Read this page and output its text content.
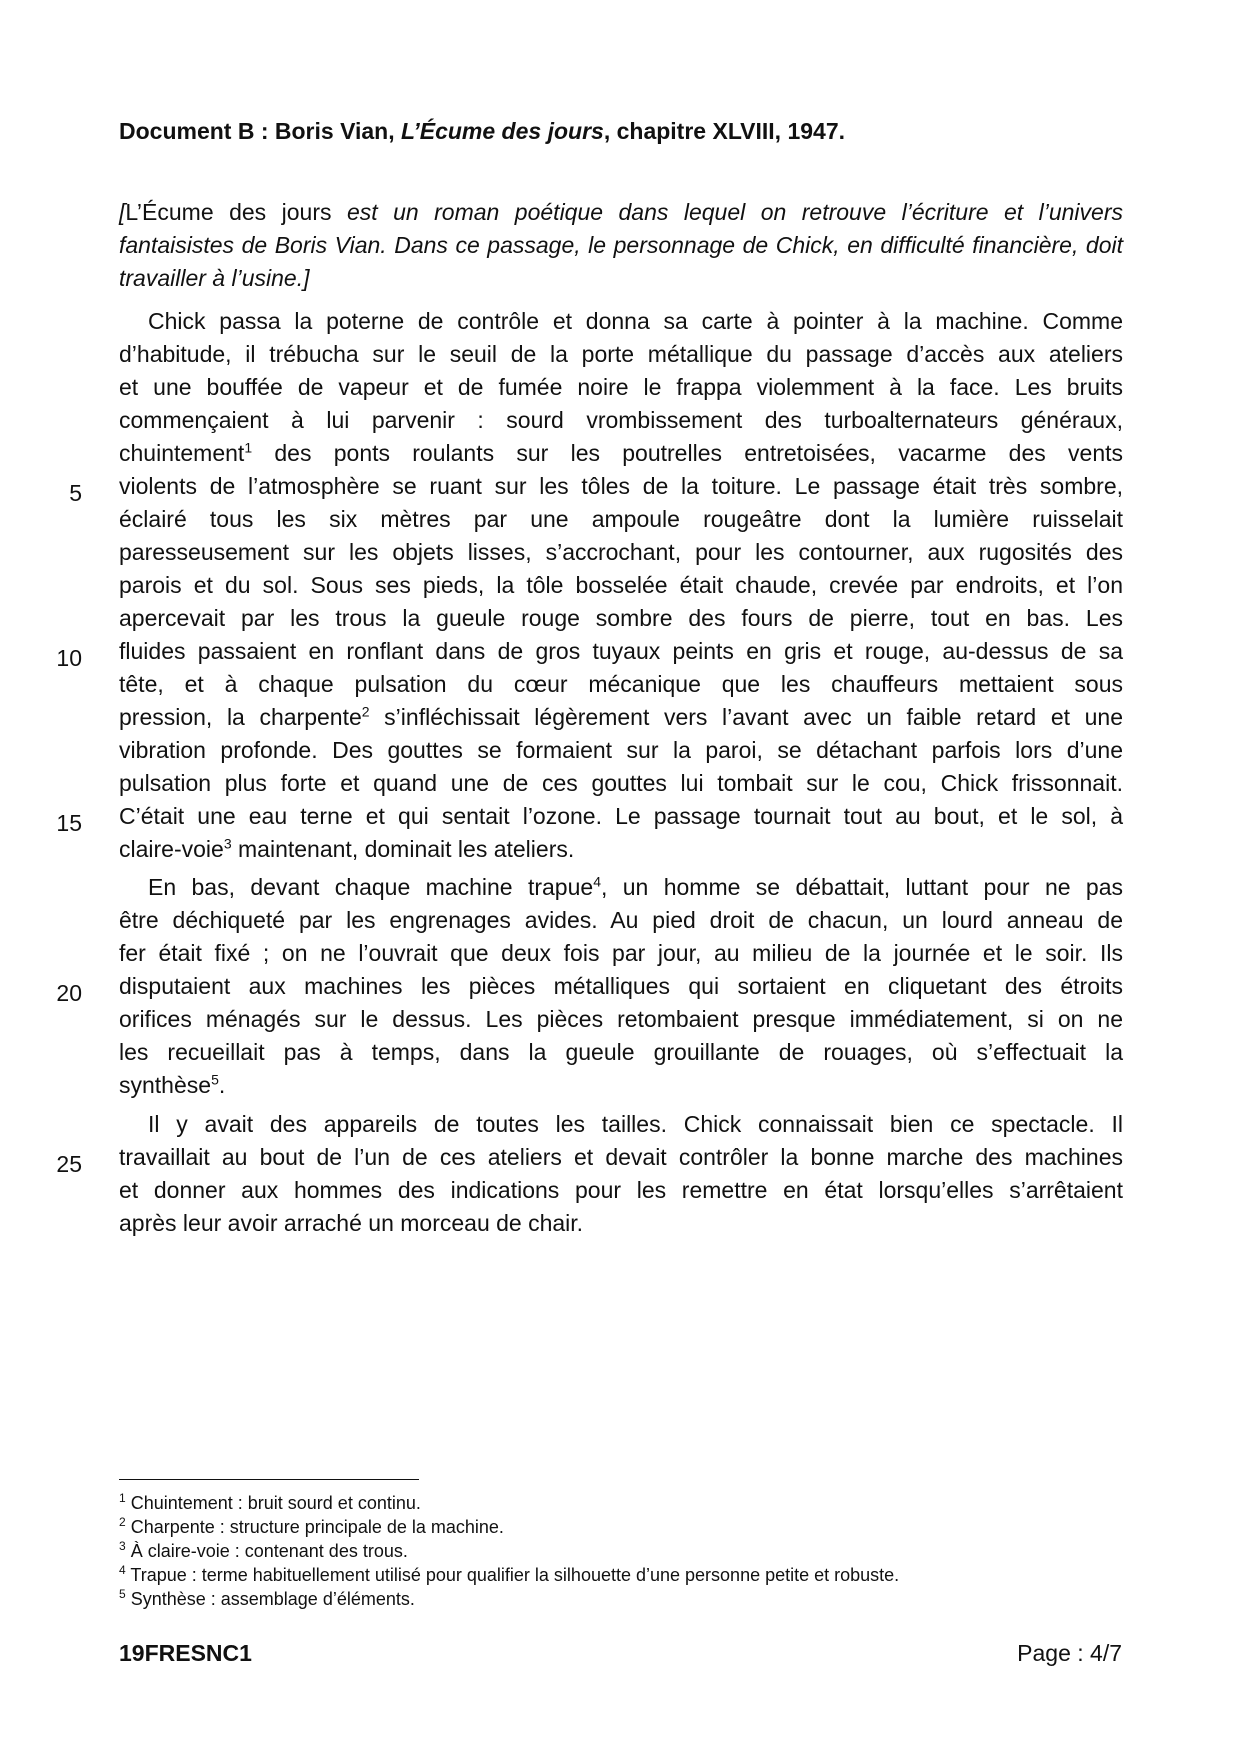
Document B : Boris Vian, L’Écume des jours, chapitre XLVIII, 1947.
[L’Écume des jours est un roman poétique dans lequel on retrouve l’écriture et l’univers fantaisistes de Boris Vian. Dans ce passage, le personnage de Chick, en difficulté financière, doit travailler à l’usine.]
Chick passa la poterne de contrôle et donna sa carte à pointer à la machine. Comme
d’habitude, il trébucha sur le seuil de la porte métallique du passage d’accès aux ateliers
et une bouffée de vapeur et de fumée noire le frappa violemment à la face. Les bruits
commençaient à lui parvenir : sourd vrombissement des turboalternateurs généraux,
chuintement$^1$ des ponts roulants sur les poutrelles entretoisées, vacarme des vents
violents de l’atmosphère se ruant sur les tôles de la toiture. Le passage était très sombre,
éclairé tous les six mètres par une ampoule rougeâtre dont la lumière ruisselait
paresseusement sur les objets lisses, s’accrochant, pour les contourner, aux rugosités des
parois et du sol. Sous ses pieds, la tôle bosselée était chaude, crevée par endroits, et l’on
apercevait par les trous la gueule rouge sombre des fours de pierre, tout en bas. Les
fluides passaient en ronflant dans de gros tuyaux peints en gris et rouge, au-dessus de sa
tête, et à chaque pulsation du cœur mécanique que les chauffeurs mettaient sous
pression, la charpente$^2$ s’infléchissait légèrement vers l’avant avec un faible retard et une
vibration profonde. Des gouttes se formaient sur la paroi, se détachant parfois lors d’une
pulsation plus forte et quand une de ces gouttes lui tombait sur le cou, Chick frissonnait.
C’était une eau terne et qui sentait l’ozone. Le passage tournait tout au bout, et le sol, à
claire-voie$^3$ maintenant, dominait les ateliers.
En bas, devant chaque machine trapue$^4$, un homme se débattait, luttant pour ne pas
être déchiqueté par les engrenages avides. Au pied droit de chacun, un lourd anneau de
fer était fixé ; on ne l’ouvrait que deux fois par jour, au milieu de la journée et le soir. Ils
disputaient aux machines les pièces métalliques qui sortaient en cliquetant des étroits
orifices ménagés sur le dessus. Les pièces retombaient presque immédiatement, si on ne
les recueillait pas à temps, dans la gueule grouillante de rouages, où s’effectuait la
synthèse$^5$.
Il y avait des appareils de toutes les tailles. Chick connaissait bien ce spectacle. Il
travaillait au bout de l’un de ces ateliers et devait contrôler la bonne marche des machines
et donner aux hommes des indications pour les remettre en état lorsqu’elles s’arrêtaient
après leur avoir arraché un morceau de chair.
5
10
15
20
25
$^1$ Chuintement : bruit sourd et continu.
$^2$ Charpente : structure principale de la machine.
$^3$ À claire-voie : contenant des trous.
$^4$ Trapue : terme habituellement utilisé pour qualifier la silhouette d’une personne petite et robuste.
$^5$ Synthèse : assemblage d’éléments.
19FRESNC1	Page : 4/7
